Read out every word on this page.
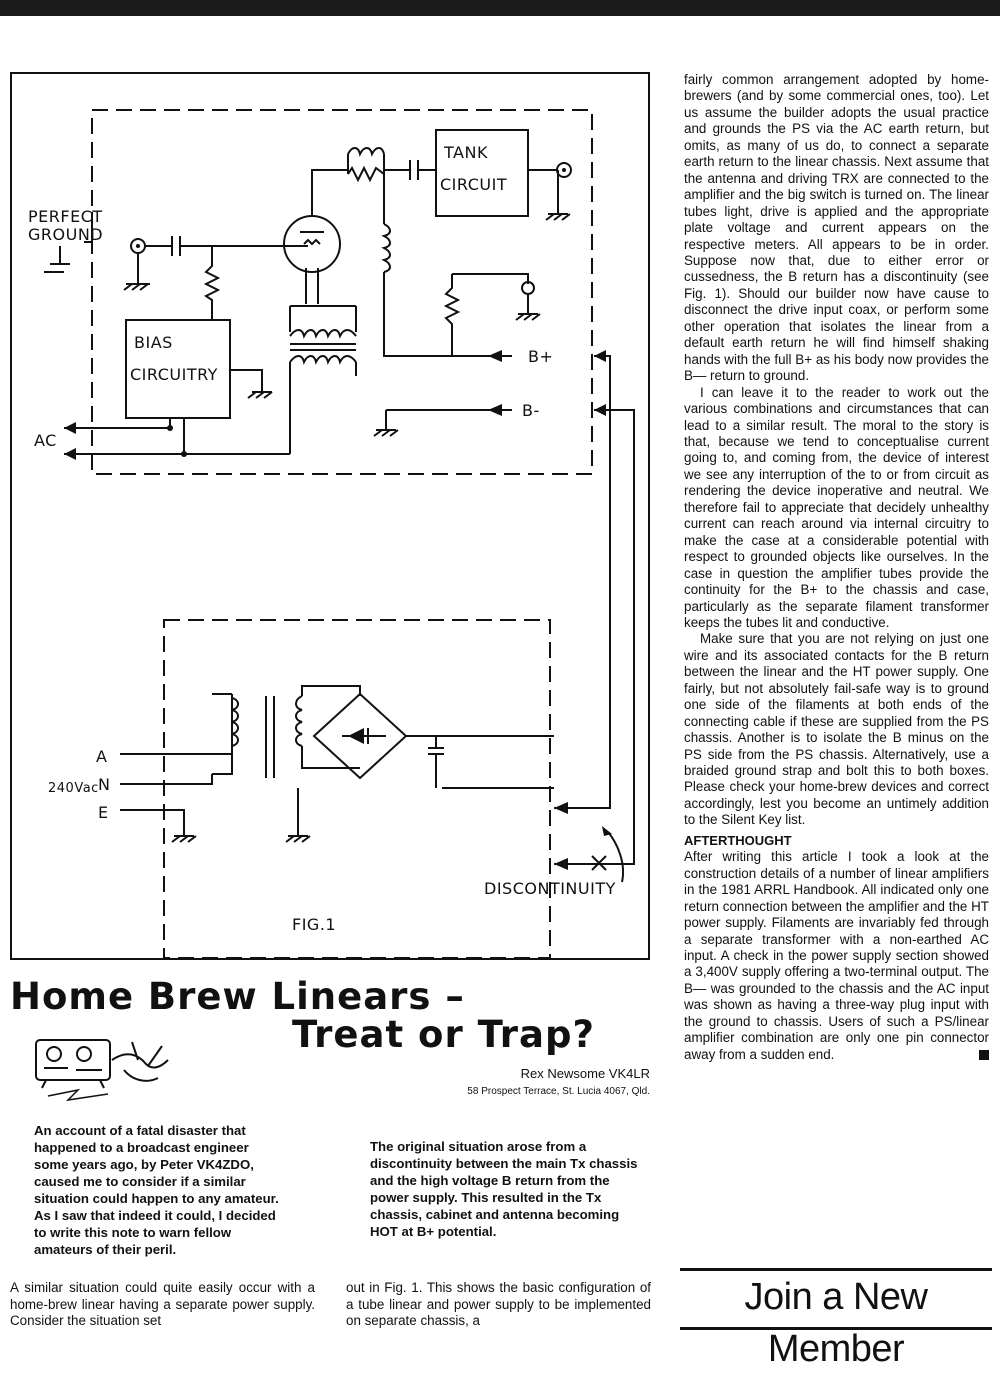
PERFECT
GROUND
BIAS
CIRCUITRY
TANK
CIRCUIT
B+
B-
AC
A
240Vac N
E
DISCONTINUITY
FIG.1

fairly common arrangement adopted by home-brewers (and by some commercial ones, too). Let us assume the builder adopts the usual practice and grounds the PS via the AC earth return, but omits, as many of us do, to connect a separate earth return to the linear chassis. Next assume that the antenna and driving TRX are connected to the amplifier and the big switch is turned on. The linear tubes light, drive is applied and the appropriate plate voltage and current appears on the respective meters. All appears to be in order. Suppose now that, due to either error or cussedness, the B return has a discontinuity (see Fig. 1). Should our builder now have cause to disconnect the drive input coax, or perform some other operation that isolates the linear from a default earth return he will find himself shaking hands with the full B+ as his body now provides the B— return to ground.

I can leave it to the reader to work out the various combinations and circumstances that can lead to a similar result. The moral to the story is that, because we tend to conceptualise current going to, and coming from, the device of interest we see any interruption of the to or from circuit as rendering the device inoperative and neutral. We therefore fail to appreciate that decidely unhealthy current can reach around via internal circuitry to make the case at a considerable potential with respect to grounded objects like ourselves. In the case in question the amplifier tubes provide the continuity for the B+ to the chassis and case, particularly as the separate filament transformer keeps the tubes lit and conductive.

Make sure that you are not relying on just one wire and its associated contacts for the B return between the linear and the HT power supply. One fairly, but not absolutely fail-safe way is to ground one side of the filaments at both ends of the connecting cable if these are supplied from the PS chassis. Another is to isolate the B minus on the PS side from the PS chassis. Alternatively, use a braided ground strap and bolt this to both boxes. Please check your home-brew devices and correct accordingly, lest you become an untimely addition to the Silent Key list.

AFTERTHOUGHT

After writing this article I took a look at the construction details of a number of linear amplifiers in the 1981 ARRL Handbook. All indicated only one return connection between the amplifier and the HT power supply. Filaments are invariably fed through a separate transformer with a non-earthed AC input. A check in the power supply section showed a 3,400V supply offering a two-terminal output. The B— was grounded to the chassis and the AC input was shown as having a three-way plug input with the ground to chassis. Users of such a PS/linear amplifier combination are only one pin connector away from a sudden end.

Home Brew Linears –
Treat or Trap?
Rex Newsome VK4LR
58 Prospect Terrace, St. Lucia 4067, Qld.
An account of a fatal disaster that happened to a broadcast engineer some years ago, by Peter VK4ZDO, caused me to consider if a similar situation could happen to any amateur. As I saw that indeed it could, I decided to write this note to warn fellow amateurs of their peril.
The original situation arose from a discontinuity between the main Tx chassis and the high voltage B return from the power supply. This resulted in the Tx chassis, cabinet and antenna becoming HOT at B+ potential.

A similar situation could quite easily occur with a home-brew linear having a separate power supply. Consider the situation set

out in Fig. 1. This shows the basic configuration of a tube linear and power supply to be implemented on separate chassis, a

Join a New Member
